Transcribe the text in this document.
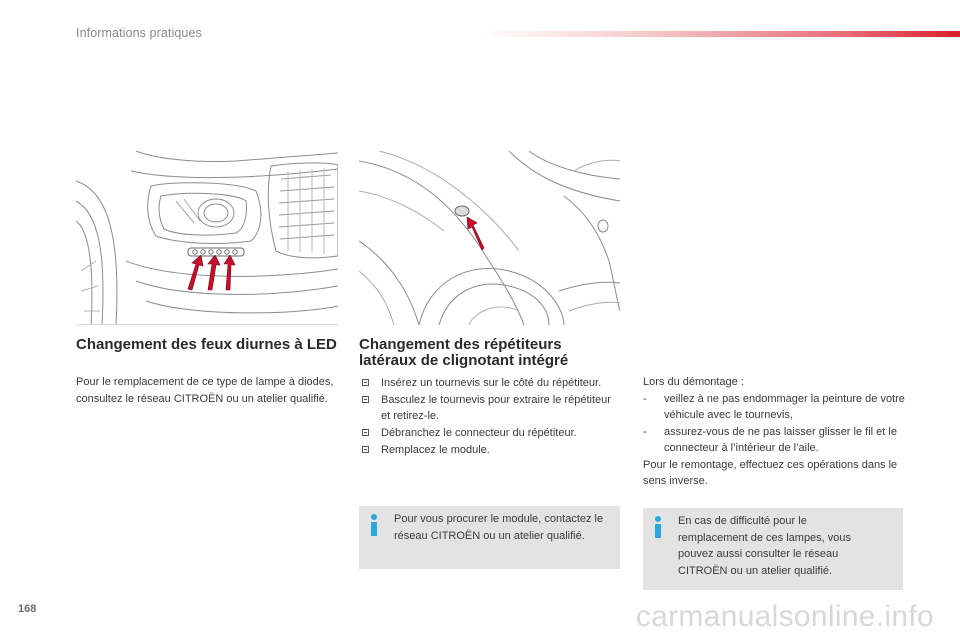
Informations pratiques
Changement des feux diurnes à LED
Pour le remplacement de ce type de lampe à diodes, consultez le réseau CITROËN ou un atelier qualifié.
Changement des répétiteurs latéraux de clignotant intégré
Insérez un tournevis sur le côté du répétiteur.
Basculez le tournevis pour extraire le répétiteur et retirez-le.
Débranchez le connecteur du répétiteur.
Remplacez le module.
Lors du démontage :
- veillez à ne pas endommager la peinture de votre véhicule avec le tournevis,
- assurez-vous de ne pas laisser glisser le fil et le connecteur à l’intérieur de l’aile.
Pour le remontage, effectuez ces opérations dans le sens inverse.
Pour vous procurer le module, contactez le réseau CITROËN ou un atelier qualifié.
En cas de difficulté pour le remplacement de ces lampes, vous pouvez aussi consulter le réseau CITROËN ou un atelier qualifié.
168	carmanualsonline.info
